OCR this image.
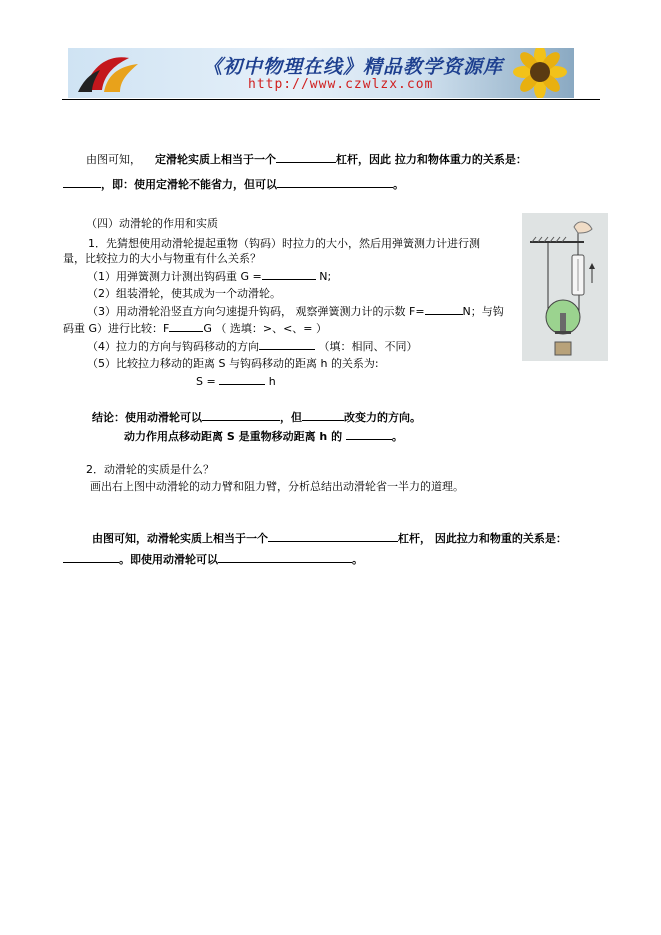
《初中物理在线》精品教学资源库
http://www.czwlzx.com
由图可知， 定滑轮实质上相当于一个	杠杆，因此 拉力和物体重力的关系是：
，即：使用定滑轮不能省力，但可以	。
（四）动滑轮的作用和实质
1．先猜想使用动滑轮提起重物（钩码）时拉力的大小，然后用弹簧测力计进行测
量，比较拉力的大小与物重有什么关系？
（1）用弹簧测力计测出钩码重 G =	N;
（2）组装滑轮，使其成为一个动滑轮。
（3）用动滑轮沿竖直方向匀速提升钩码， 观察弹簧测力计的示数 F=	N；与钩
码重 G）进行比较：F	G （ 选填：>、<、= ）
（4）拉力的方向与钩码移动的方向	（填：相同、不同）
（5）比较拉力移动的距离 S 与钩码移动的距离 h 的关系为:
S =	h
结论：使用动滑轮可以	，但	改变力的方向。
动力作用点移动距离 S 是重物移动距离 h 的	。
2．动滑轮的实质是什么？
画出右上图中动滑轮的动力臂和阻力臂，分析总结出动滑轮省一半力的道理。
由图可知，动滑轮实质上相当于一个	杠杆， 因此拉力和物重的关系是：
。即使用动滑轮可以	。
